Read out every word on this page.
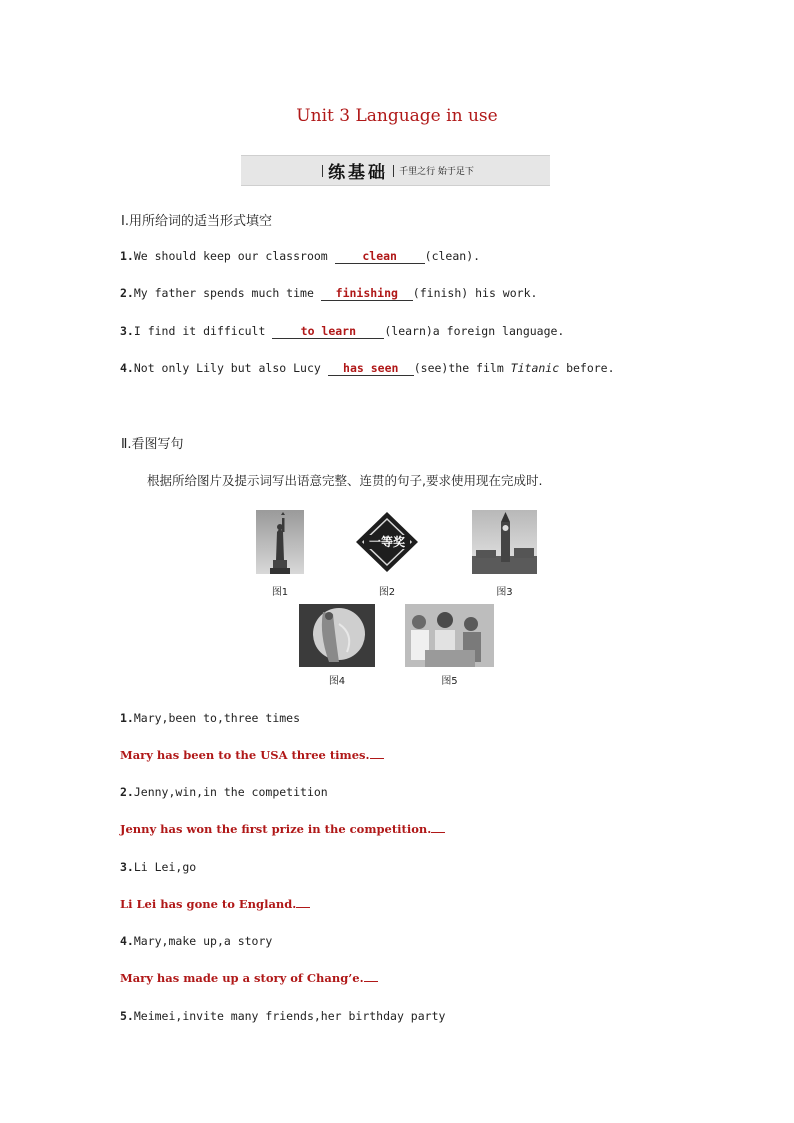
Unit 3 Language in use
练基础 千里之行 始于足下
Ⅰ.用所给词的适当形式填空
1.We should keep our classroom clean (clean).
2.My father spends much time finishing (finish) his work.
3.I find it difficult to learn (learn)a foreign language.
4.Not only Lily but also Lucy has seen (see)the film Titanic before.
Ⅱ.看图写句
根据所给图片及提示词写出语意完整、连贯的句子,要求使用现在完成时.
图1
一等奖
图2	图3
图4	图5
1.Mary,been to,three times
Mary has been to the USA three times.
2.Jenny,win,in the competition
Jenny has won the first prize in the competition.
3.Li Lei,go
Li Lei has gone to England.
4.Mary,make up,a story
Mary has made up a story of Chang’e.
5.Meimei,invite many friends,her birthday party
